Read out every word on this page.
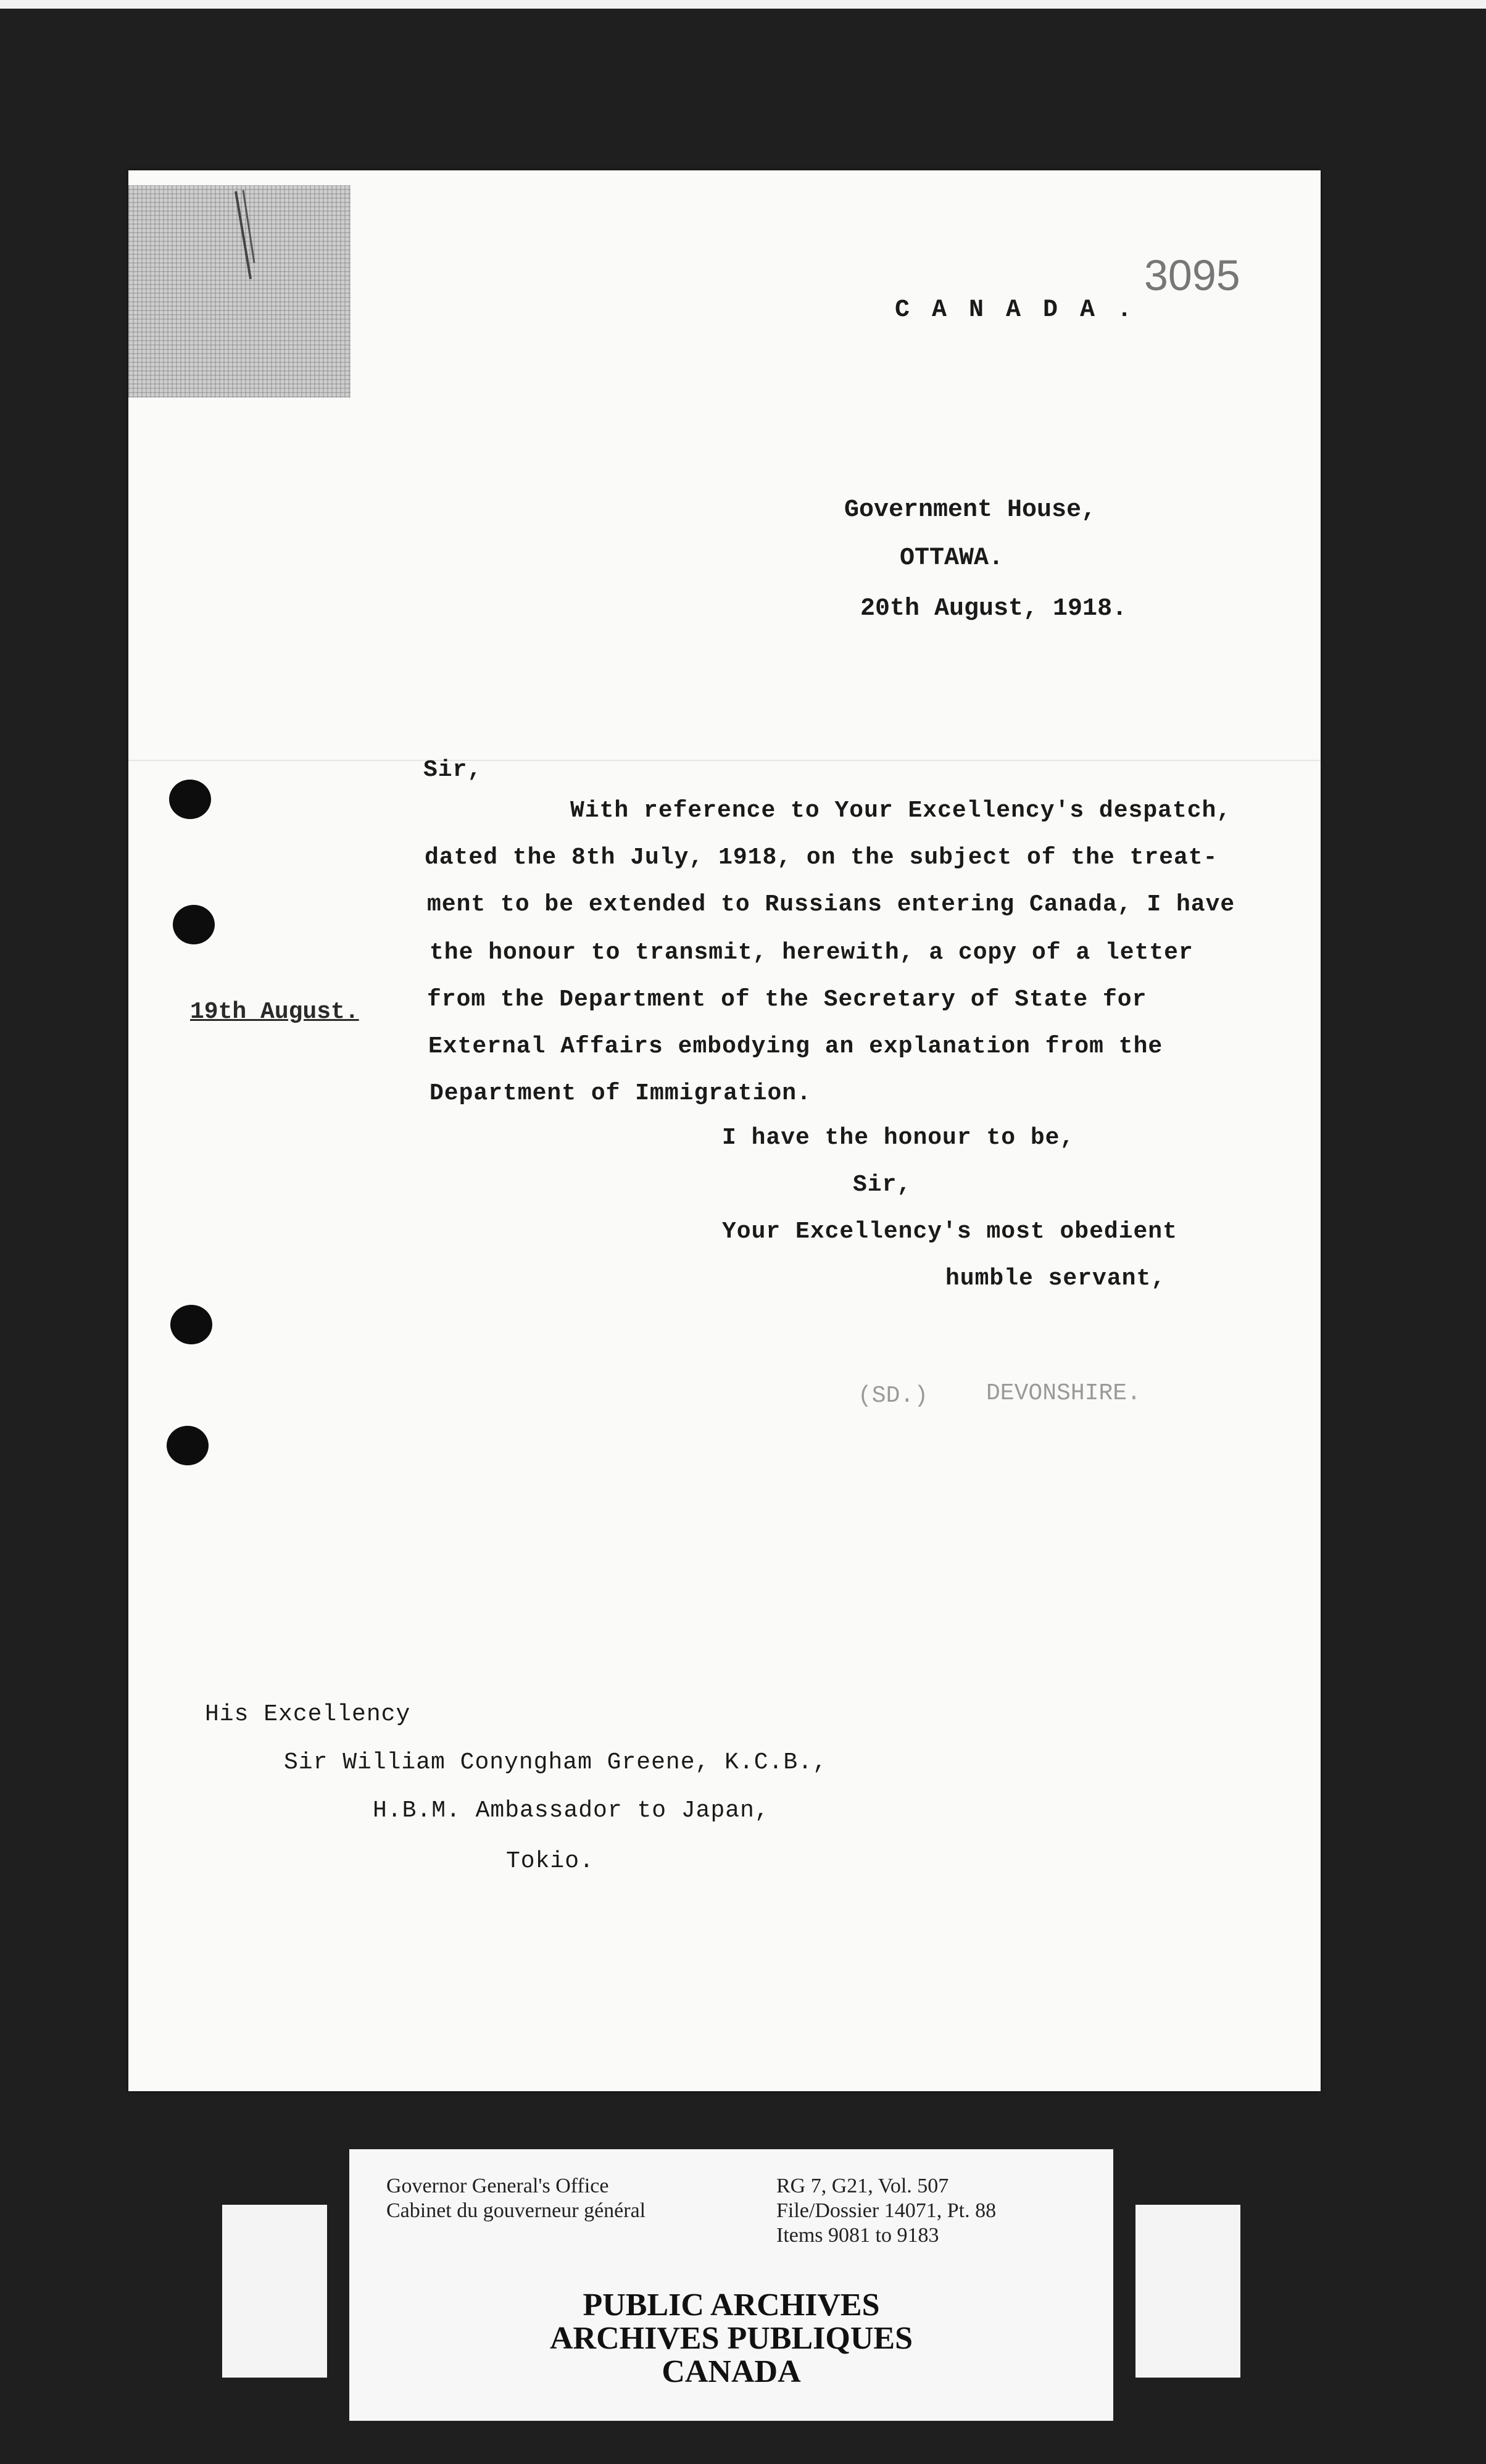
3095
C A N A D A .
Government House,
OTTAWA.
20th August, 1918.
19th August.
Sir,
With reference to Your Excellency's despatch,
dated the 8th July, 1918, on the subject of the treat-
ment to be extended to Russians entering Canada, I have
the honour to transmit, herewith, a copy of a letter
from the Department of the Secretary of State for
External Affairs embodying an explanation from the
Department of Immigration.
I have the honour to be,
Sir,
Your Excellency's most obedient
humble servant,
(SD.) DEVONSHIRE.
His Excellency
Sir William Conyngham Greene, K.C.B.,
H.B.M. Ambassador to Japan,
Tokio.
Governor General's Office
Cabinet du gouverneur général
RG 7, G21, Vol. 507
File/Dossier 14071, Pt. 88
Items 9081 to 9183
PUBLIC ARCHIVES
ARCHIVES PUBLIQUES
CANADA
